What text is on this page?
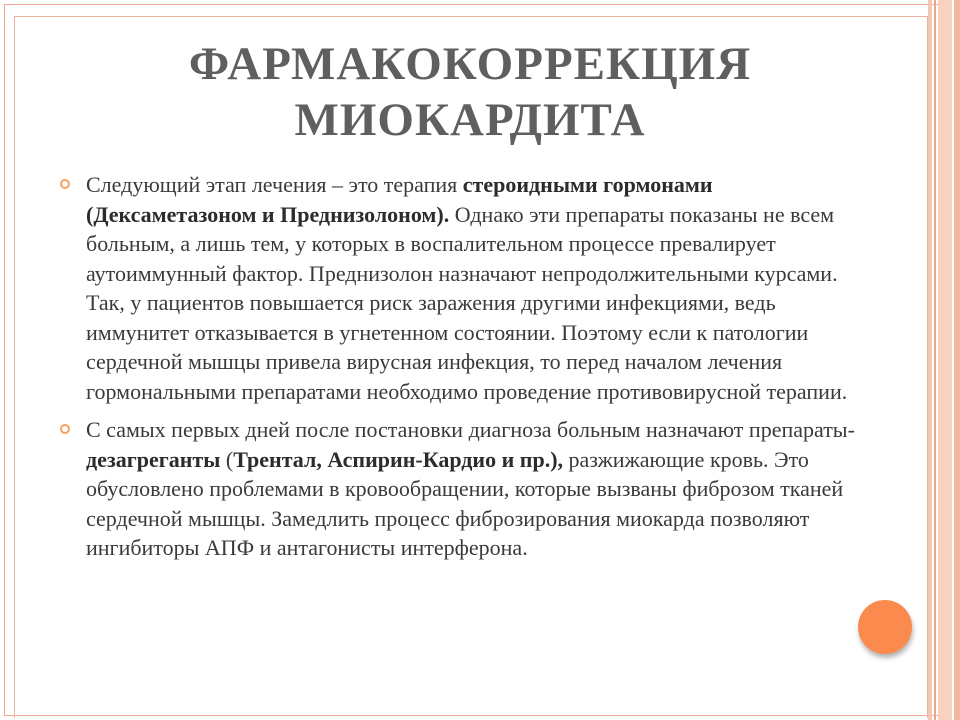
ФАРМАКОКОРРЕКЦИЯ
МИОКАРДИТА

Следующий этап лечения – это терапия стероидными гормонами (Дексаметазоном и Преднизолоном). Однако эти препараты показаны не всем больным, а лишь тем, у которых в воспалительном процессе превалирует аутоиммунный фактор. Преднизолон назначают непродолжительными курсами. Так, у пациентов повышается риск заражения другими инфекциями, ведь иммунитет отказывается в угнетенном состоянии. Поэтому если к патологии сердечной мышцы привела вирусная инфекция, то перед началом лечения гормональными препаратами необходимо проведение противовирусной терапии.

С самых первых дней после постановки диагноза больным назначают препараты-дезагреганты (Трентал, Аспирин-Кардио и пр.), разжижающие кровь. Это обусловлено проблемами в кровообращении, которые вызваны фиброзом тканей сердечной мышцы. Замедлить процесс фиброзирования миокарда позволяют ингибиторы АПФ и антагонисты интерферона.
